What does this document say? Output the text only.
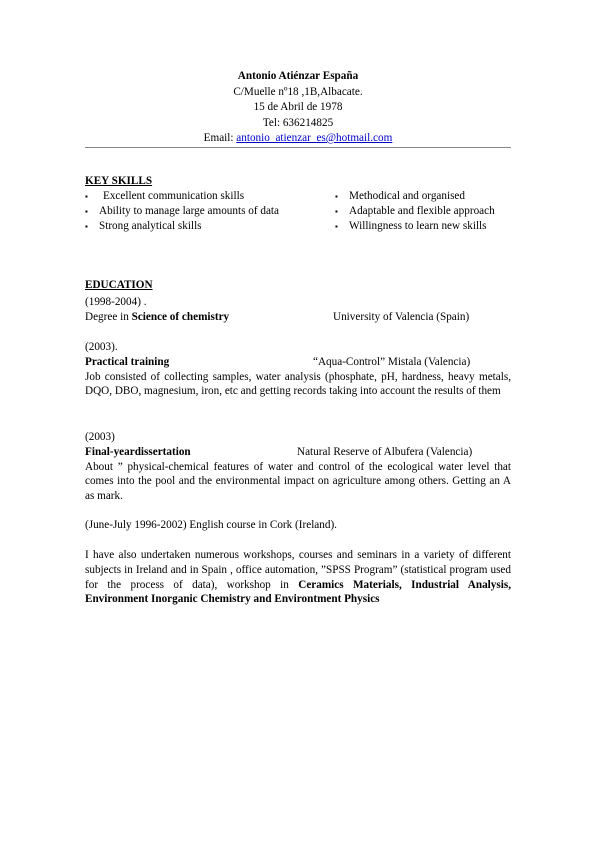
Antonio Atiénzar España
C/Muelle nº18 ,1B,Albacate.
15 de Abril de 1978
Tel: 636214825
Email: antonio_atienzar_es@hotmail.com
KEY SKILLS
▪	Excellent communication skills
▪ Ability to manage large amounts of data
▪ Strong analytical skills
▪ Methodical and organised
▪ Adaptable and flexible approach
▪ Willingness to learn new skills
EDUCATION
(1998-2004) .
Degree in Science of chemistry	University of Valencia (Spain)
(2003).
Practical training	“Aqua-Control” Mistala (Valencia)
Job consisted of collecting samples, water analysis (phosphate, pH, hardness, heavy metals, DQO, DBO, magnesium, iron, etc and getting records taking into account the results of them
(2003)
Final-yeardissertation	Natural Reserve of Albufera (Valencia)
About ” physical-chemical features of water and control of the ecological water level that comes into the pool and the environmental impact on agriculture among others. Getting an A as mark.
(June-July 1996-2002) English course in Cork (Ireland).
I have also undertaken numerous workshops, courses and seminars in a variety of different subjects in Ireland and in Spain , office automation, ”SPSS Program” (statistical program used for the process of data), workshop in Ceramics Materials, Industrial Analysis, Environment Inorganic Chemistry and Environtment Physics
